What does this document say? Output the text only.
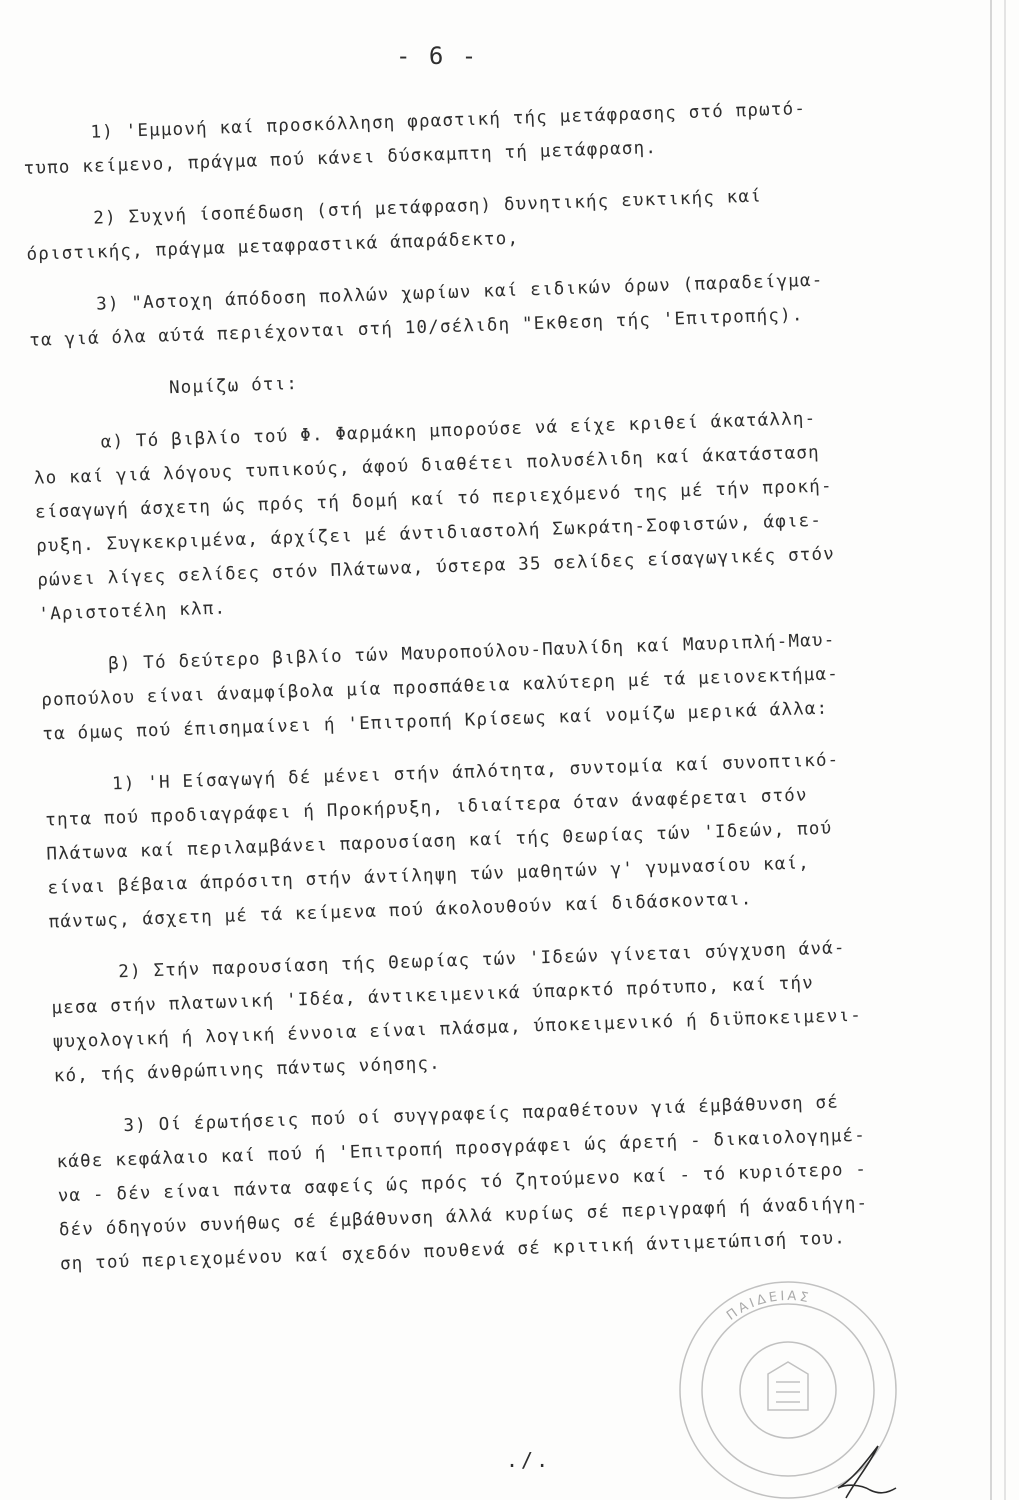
- 6 -
1) 'Εμμονή καί προσκόλληση φραστική τής μετάφρασης στό πρωτό-
τυπο κείμενο, πράγμα πού κάνει δύσκαμπτη τή μετάφραση.
2) Συχνή ίσοπέδωση (στή μετάφραση) δυνητικής ευκτικής καί
όριστικής, πράγμα μεταφραστικά άπαράδεκτο,
3) "Αστοχη άπόδοση πολλών χωρίων καί ειδικών όρων (παραδείγμα-
τα γιά όλα αύτά περιέχονται στή 10/σέλιδη "Εκθεση τής 'Επιτροπής).
Νομίζω ότι:
α) Τό βιβλίο τού Φ. Φαρμάκη μπορούσε νά είχε κριθεί άκατάλλη-
λο καί γιά λόγους τυπικούς, άφού διαθέτει πολυσέλιδη καί άκατάσταση
είσαγωγή άσχετη ώς πρός τή δομή καί τό περιεχόμενό της μέ τήν προκή-
ρυξη. Συγκεκριμένα, άρχίζει μέ άντιδιαστολή Σωκράτη-Σοφιστών, άφιε-
ρώνει λίγες σελίδες στόν Πλάτωνα, ύστερα 35 σελίδες είσαγωγικές στόν
'Αριστοτέλη κλπ.
β) Τό δεύτερο βιβλίο τών Μαυροπούλου-Παυλίδη καί Μαυριπλή-Μαυ-
ροπούλου είναι άναμφίβολα μία προσπάθεια καλύτερη μέ τά μειονεκτήμα-
τα όμως πού έπισημαίνει ή 'Επιτροπή Κρίσεως καί νομίζω μερικά άλλα:
1) 'Η Είσαγωγή δέ μένει στήν άπλότητα, συντομία καί συνοπτικό-
τητα πού προδιαγράφει ή Προκήρυξη, ιδιαίτερα όταν άναφέρεται στόν
Πλάτωνα καί περιλαμβάνει παρουσίαση καί τής Θεωρίας τών 'Ιδεών, πού
είναι βέβαια άπρόσιτη στήν άντίληψη τών μαθητών γ' γυμνασίου καί,
πάντως, άσχετη μέ τά κείμενα πού άκολουθούν καί διδάσκονται.
2) Στήν παρουσίαση τής Θεωρίας τών 'Ιδεών γίνεται σύγχυση άνά-
μεσα στήν πλατωνική 'Ιδέα, άντικειμενικά ύπαρκτό πρότυπο, καί τήν
ψυχολογική ή λογική έννοια είναι πλάσμα, ύποκειμενικό ή διϋποκειμενι-
κό, τής άνθρώπινης πάντως νόησης.
3) Οί έρωτήσεις πού οί συγγραφείς παραθέτουν γιά έμβάθυνση σέ
κάθε κεφάλαιο καί πού ή 'Επιτροπή προσγράφει ώς άρετή - δικαιολογημέ-
να - δέν είναι πάντα σαφείς ώς πρός τό ζητούμενο καί - τό κυριότερο -
δέν όδηγούν συνήθως σέ έμβάθυνση άλλά κυρίως σέ περιγραφή ή άναδιήγη-
ση τού περιεχομένου καί σχεδόν πουθενά σέ κριτική άντιμετώπισή του.
ΠΑΙΔΕΙΑΣ
./.
